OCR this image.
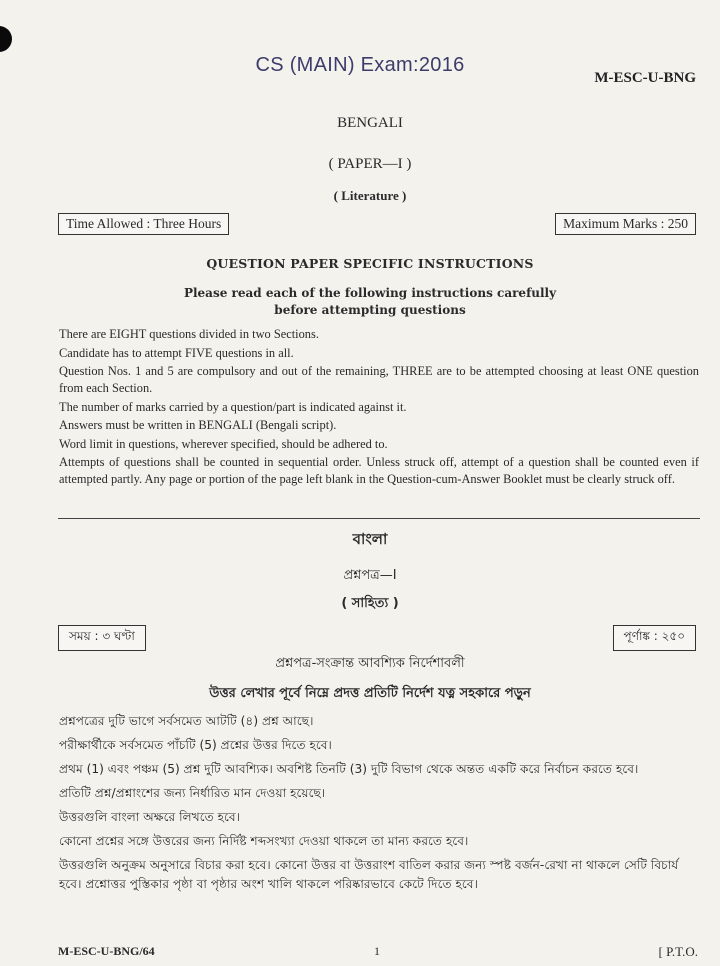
CS (MAIN) Exam:2016
M-ESC-U-BNG
BENGALI
( PAPER—I )
( Literature )
Time Allowed : Three Hours	Maximum Marks : 250
QUESTION PAPER SPECIFIC INSTRUCTIONS
Please read each of the following instructions carefully
before attempting questions
There are EIGHT questions divided in two Sections.
Candidate has to attempt FIVE questions in all.
Question Nos. 1 and 5 are compulsory and out of the remaining, THREE are to be attempted choosing at least ONE question from each Section.
The number of marks carried by a question/part is indicated against it.
Answers must be written in BENGALI (Bengali script).
Word limit in questions, wherever specified, should be adhered to.
Attempts of questions shall be counted in sequential order. Unless struck off, attempt of a question shall be counted even if attempted partly. Any page or portion of the page left blank in the Question-cum-Answer Booklet must be clearly struck off.
বাংলা
প্রশ্নপত্র—I
( সাহিত্য )
সময় : ৩ ঘণ্টা	পূর্ণাঙ্ক : ২৫০
প্রশ্নপত্র-সংক্রান্ত আবশ্যিক নির্দেশাবলী
উত্তর লেখার পূর্বে নিম্নে প্রদত্ত প্রতিটি নির্দেশ যত্ন সহকারে পড়ুন
প্রশ্নপত্রের দুটি ভাগে সর্বসমেত আটটি (৪) প্রশ্ন আছে।
পরীক্ষার্থীকে সর্বসমেত পাঁচটি (5) প্রশ্নের উত্তর দিতে হবে।
প্রথম (1) এবং পঞ্চম (5) প্রশ্ন দুটি আবশ্যিক। অবশিষ্ট তিনটি (3) দুটি বিভাগ থেকে অন্তত একটি করে নির্বাচন করতে হবে।
প্রতিটি প্রশ্ন/প্রশ্নাংশের জন্য নির্ধারিত মান দেওয়া হয়েছে।
উত্তরগুলি বাংলা অক্ষরে লিখতে হবে।
কোনো প্রশ্নের সঙ্গে উত্তরের জন্য নির্দিষ্ট শব্দসংখ্যা দেওয়া থাকলে তা মান্য করতে হবে।
উত্তরগুলি অনুক্রম অনুসারে বিচার করা হবে। কোনো উত্তর বা উত্তরাংশ বাতিল করার জন্য স্পষ্ট বর্জন-রেখা না থাকলে সেটি বিচার্য হবে। প্রশ্নোত্তর পুস্তিকার পৃষ্ঠা বা পৃষ্ঠার অংশ খালি থাকলে পরিষ্কারভাবে কেটে দিতে হবে।
M-ESC-U-BNG/64	1	[ P.T.O.
